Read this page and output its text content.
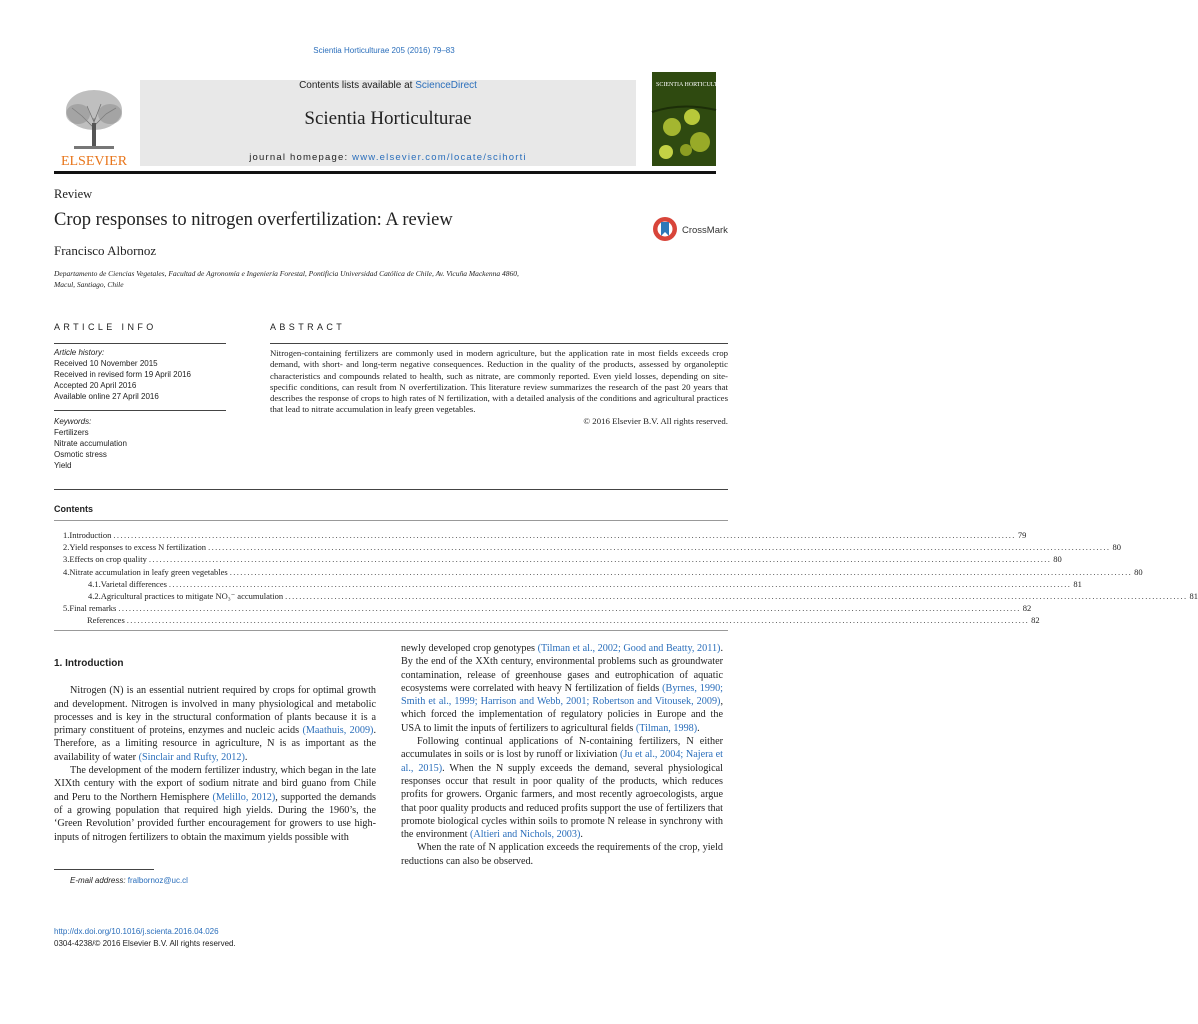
Scientia Horticulturae 205 (2016) 79–83
ELSEVIER
Contents lists available at ScienceDirect
Scientia Horticulturae
journal homepage: www.elsevier.com/locate/scihorti
SCIENTIA HORTICULTURAE
Review
Crop responses to nitrogen overfertilization: A review
Francisco Albornoz
Departamento de Ciencias Vegetales, Facultad de Agronomía e Ingeniería Forestal, Pontificia Universidad Católica de Chile, Av. Vicuña Mackenna 4860,
Macul, Santiago, Chile
CrossMark
ARTICLE INFO	ABSTRACT
Article history:
Received 10 November 2015
Received in revised form 19 April 2016
Accepted 20 April 2016
Available online 27 April 2016
Keywords:
Fertilizers
Nitrate accumulation
Osmotic stress
Yield
Nitrogen-containing fertilizers are commonly used in modern agriculture, but the application rate in most fields exceeds crop demand, with short- and long-term negative consequences. Reduction in the quality of the products, assessed by organoleptic characteristics and compounds related to health, such as nitrate, are commonly reported. Even yield losses, depending on site-specific conditions, can result from N overfertilization. This literature review summarizes the research of the past 20 years that describes the response of crops to high rates of N fertilization, with a detailed analysis of the conditions and agricultural practices that lead to nitrate accumulation in leafy green vegetables.
© 2016 Elsevier B.V. All rights reserved.
Contents
1. Introduction .....	79
2. Yield responses to excess N fertilization .....	80
3. Effects on crop quality .....	80
4. Nitrate accumulation in leafy green vegetables .....	80
4.1. Varietal differences .....	81
4.2. Agricultural practices to mitigate NO₃⁻ accumulation .....	81
5. Final remarks .....	82
References .....	82
1. Introduction

Nitrogen (N) is an essential nutrient required by crops for optimal growth and development. Nitrogen is involved in many physiological and metabolic processes and is key in the structural conformation of plants because it is a primary constituent of proteins, enzymes and nucleic acids (Maathuis, 2009). Therefore, as a limiting resource in agriculture, N is as important as the availability of water (Sinclair and Rufty, 2012).

The development of the modern fertilizer industry, which began in the late XIXth century with the export of sodium nitrate and bird guano from Chile and Peru to the Northern Hemisphere (Melillo, 2012), supported the demands of a growing population that required high yields. During the 1960’s, the ‘Green Revolution’ provided further encouragement for growers to use high-inputs of nitrogen fertilizers to obtain the maximum yields possible with

newly developed crop genotypes (Tilman et al., 2002; Good and Beatty, 2011). By the end of the XXth century, environmental problems such as groundwater contamination, release of greenhouse gases and eutrophication of aquatic ecosystems were correlated with heavy N fertilization of fields (Byrnes, 1990; Smith et al., 1999; Harrison and Webb, 2001; Robertson and Vitousek, 2009), which forced the implementation of regulatory policies in Europe and the USA to limit the inputs of fertilizers to agricultural fields (Tilman, 1998).

Following continual applications of N-containing fertilizers, N either accumulates in soils or is lost by runoff or lixiviation (Ju et al., 2004; Najera et al., 2015). When the N supply exceeds the demand, several physiological responses occur that result in poor quality of the products, which reduces profits for growers. Organic farmers, and most recently agroecologists, argue that poor quality products and reduced profits support the use of fertilizers that promote biological cycles within soils to promote N release in synchrony with the environment (Altieri and Nichols, 2003).

When the rate of N application exceeds the requirements of the crop, yield reductions can also be observed.

E-mail address: fralbornoz@uc.cl
http://dx.doi.org/10.1016/j.scienta.2016.04.026
0304-4238/© 2016 Elsevier B.V. All rights reserved.
